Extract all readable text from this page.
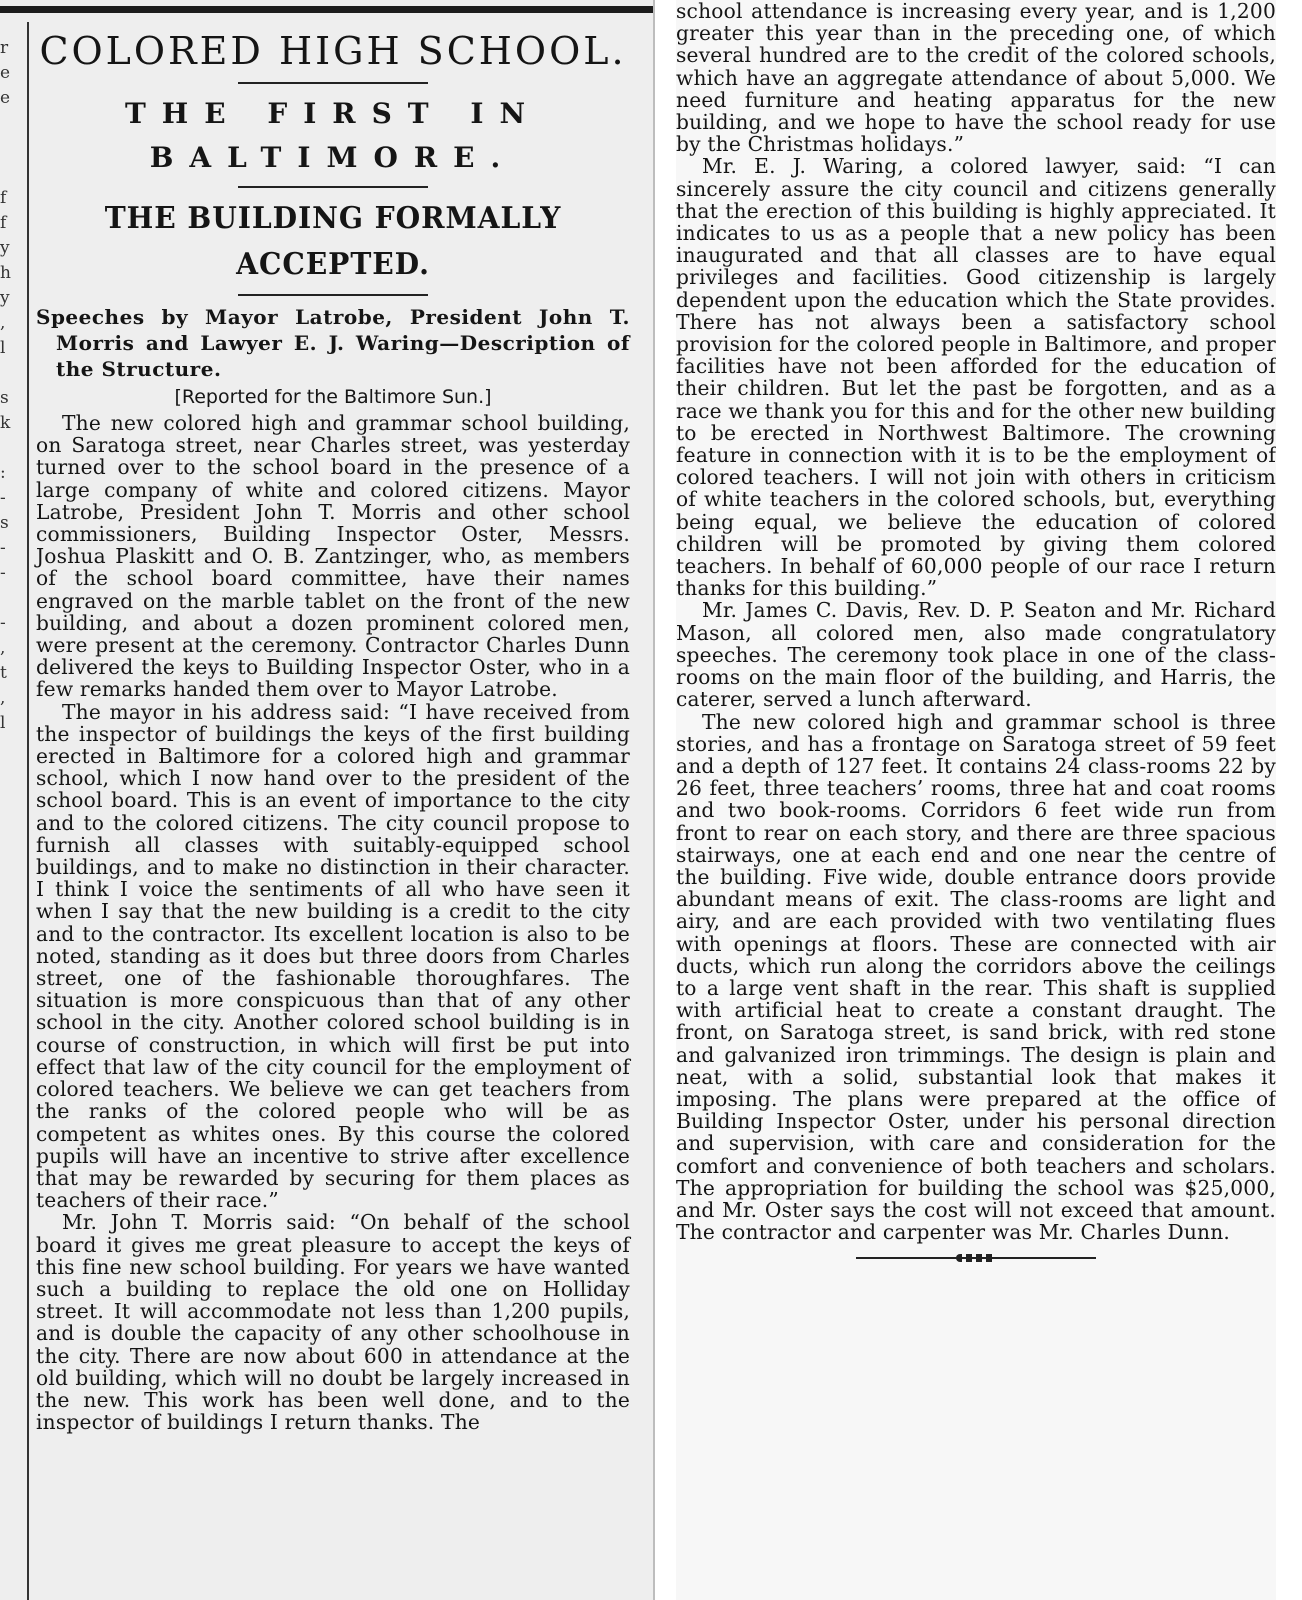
r
e
e
f
f
y
h
y
,
l
s
k
:
-
s
-
-
-
,
t
,
l
COLORED HIGH SCHOOL.
THE FIRST IN BALTIMORE.
THE BUILDING FORMALLY ACCEPTED.

Speeches by Mayor Latrobe, President John T. Morris and Lawyer E. J. Waring—Description of the Structure.

[Reported for the Baltimore Sun.]

The new colored high and grammar school building, on Saratoga street, near Charles street, was yesterday turned over to the school board in the presence of a large company of white and colored citizens. Mayor Latrobe, President John T. Morris and other school commissioners, Building Inspector Oster, Messrs. Joshua Plaskitt and O. B. Zantzinger, who, as members of the school board committee, have their names engraved on the marble tablet on the front of the new building, and about a dozen prominent colored men, were present at the ceremony. Contractor Charles Dunn delivered the keys to Building Inspector Oster, who in a few remarks handed them over to Mayor Latrobe.

The mayor in his address said: “I have received from the inspector of buildings the keys of the first building erected in Baltimore for a colored high and grammar school, which I now hand over to the president of the school board. This is an event of importance to the city and to the colored citizens. The city council propose to furnish all classes with suitably-equipped school buildings, and to make no distinction in their character. I think I voice the sentiments of all who have seen it when I say that the new building is a credit to the city and to the contractor. Its excellent location is also to be noted, standing as it does but three doors from Charles street, one of the fashionable thoroughfares. The situation is more conspicuous than that of any other school in the city. Another colored school building is in course of construction, in which will first be put into effect that law of the city council for the employment of colored teachers. We believe we can get teachers from the ranks of the colored people who will be as competent as whites ones. By this course the colored pupils will have an incentive to strive after excellence that may be rewarded by securing for them places as teachers of their race.”

Mr. John T. Morris said: “On behalf of the school board it gives me great pleasure to accept the keys of this fine new school building. For years we have wanted such a building to replace the old one on Holliday street. It will accommodate not less than 1,200 pupils, and is double the capacity of any other schoolhouse in the city. There are now about 600 in attendance at the old building, which will no doubt be largely increased in the new. This work has been well done, and to the inspector of buildings I return thanks. The

school attendance is increasing every year, and is 1,200 greater this year than in the preceding one, of which several hundred are to the credit of the colored schools, which have an aggregate attendance of about 5,000. We need furniture and heating apparatus for the new building, and we hope to have the school ready for use by the Christmas holidays.”

Mr. E. J. Waring, a colored lawyer, said: “I can sincerely assure the city council and citizens generally that the erection of this building is highly appreciated. It indicates to us as a people that a new policy has been inaugurated and that all classes are to have equal privileges and facilities. Good citizenship is largely dependent upon the education which the State provides. There has not always been a satisfactory school provision for the colored people in Baltimore, and proper facilities have not been afforded for the education of their children. But let the past be forgotten, and as a race we thank you for this and for the other new building to be erected in Northwest Baltimore. The crowning feature in connection with it is to be the employment of colored teachers. I will not join with others in criticism of white teachers in the colored schools, but, everything being equal, we believe the education of colored children will be promoted by giving them colored teachers. In behalf of 60,000 people of our race I return thanks for this building.”

Mr. James C. Davis, Rev. D. P. Seaton and Mr. Richard Mason, all colored men, also made congratulatory speeches. The ceremony took place in one of the class-rooms on the main floor of the building, and Harris, the caterer, served a lunch afterward.

The new colored high and grammar school is three stories, and has a frontage on Saratoga street of 59 feet and a depth of 127 feet. It contains 24 class-rooms 22 by 26 feet, three teachers’ rooms, three hat and coat rooms and two book-rooms. Corridors 6 feet wide run from front to rear on each story, and there are three spacious stairways, one at each end and one near the centre of the building. Five wide, double entrance doors provide abundant means of exit. The class-rooms are light and airy, and are each provided with two ventilating flues with openings at floors. These are connected with air ducts, which run along the corridors above the ceilings to a large vent shaft in the rear. This shaft is supplied with artificial heat to create a constant draught. The front, on Saratoga street, is sand brick, with red stone and galvanized iron trimmings. The design is plain and neat, with a solid, substantial look that makes it imposing. The plans were prepared at the office of Building Inspector Oster, under his personal direction and supervision, with care and consideration for the comfort and convenience of both teachers and scholars. The appropriation for building the school was $25,000, and Mr. Oster says the cost will not exceed that amount. The contractor and carpenter was Mr. Charles Dunn.
